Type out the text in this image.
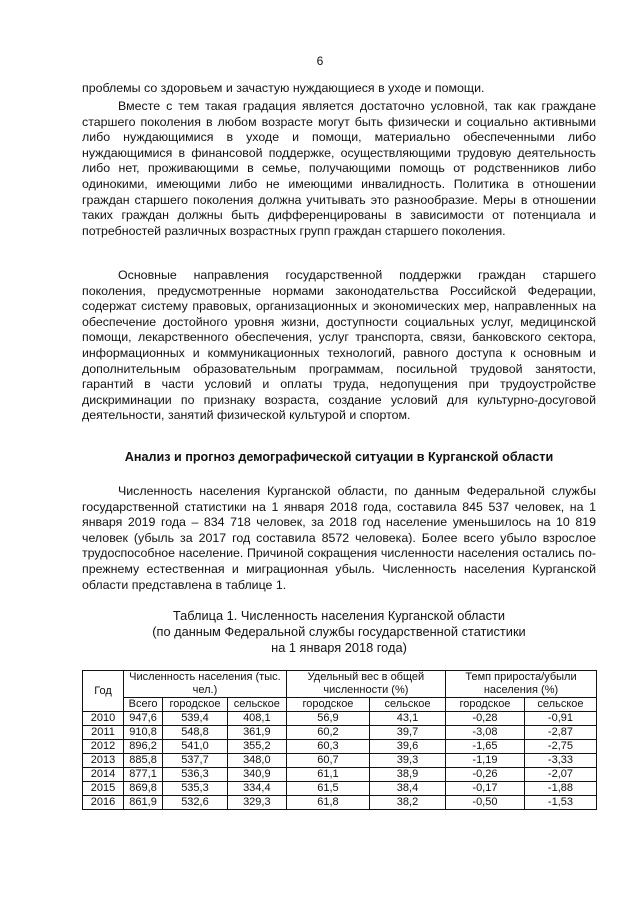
6

проблемы со здоровьем и зачастую нуждающиеся в уходе и помощи.

Вместе с тем такая градация является достаточно условной, так как граждане старшего поколения в любом возрасте могут быть физически и социально активными либо нуждающимися в уходе и помощи, материально обеспеченными либо нуждающимися в финансовой поддержке, осуществляющими трудовую деятельность либо нет, проживающими в семье, получающими помощь от родственников либо одинокими, имеющими либо не имеющими инвалидность. Политика в отношении граждан старшего поколения должна учитывать это разнообразие. Меры в отношении таких граждан должны быть дифференцированы в зависимости от потенциала и потребностей различных возрастных групп граждан старшего поколения.

Основные направления государственной поддержки граждан старшего поколения, предусмотренные нормами законодательства Российской Федерации, содержат систему правовых, организационных и экономических мер, направленных на обеспечение достойного уровня жизни, доступности социальных услуг, медицинской помощи, лекарственного обеспечения, услуг транспорта, связи, банковского сектора, информационных и коммуникационных технологий, равного доступа к основным и дополнительным образовательным программам, посильной трудовой занятости, гарантий в части условий и оплаты труда, недопущения при трудоустройстве дискриминации по признаку возраста, создание условий для культурно-досуговой деятельности, занятий физической культурой и спортом.

Анализ и прогноз демографической ситуации в Курганской области

Численность населения Курганской области, по данным Федеральной службы государственной статистики на 1 января 2018 года, составила 845 537 человек, на 1 января 2019 года – 834 718 человек, за 2018 год население уменьшилось на 10 819 человек (убыль за 2017 год составила 8572 человека). Более всего убыло взрослое трудоспособное население. Причиной сокращения численности населения остались по-прежнему естественная и миграционная убыль. Численность населения Курганской области представлена в таблице 1.

Таблица 1. Численность населения Курганской области
(по данным Федеральной службы государственной статистики
на 1 января 2018 года)
Год	Численность населения (тыс. чел.)			Удельный вес в общей численности (%)		Темп прироста/убыли населения (%)	
	Всего	городское	сельское	городское	сельское	городское	сельское
2010	947,6	539,4	408,1	56,9	43,1	-0,28	-0,91
2011	910,8	548,8	361,9	60,2	39,7	-3,08	-2,87
2012	896,2	541,0	355,2	60,3	39,6	-1,65	-2,75
2013	885,8	537,7	348,0	60,7	39,3	-1,19	-3,33
2014	877,1	536,3	340,9	61,1	38,9	-0,26	-2,07
2015	869,8	535,3	334,4	61,5	38,4	-0,17	-1,88
2016	861,9	532,6	329,3	61,8	38,2	-0,50	-1,53
